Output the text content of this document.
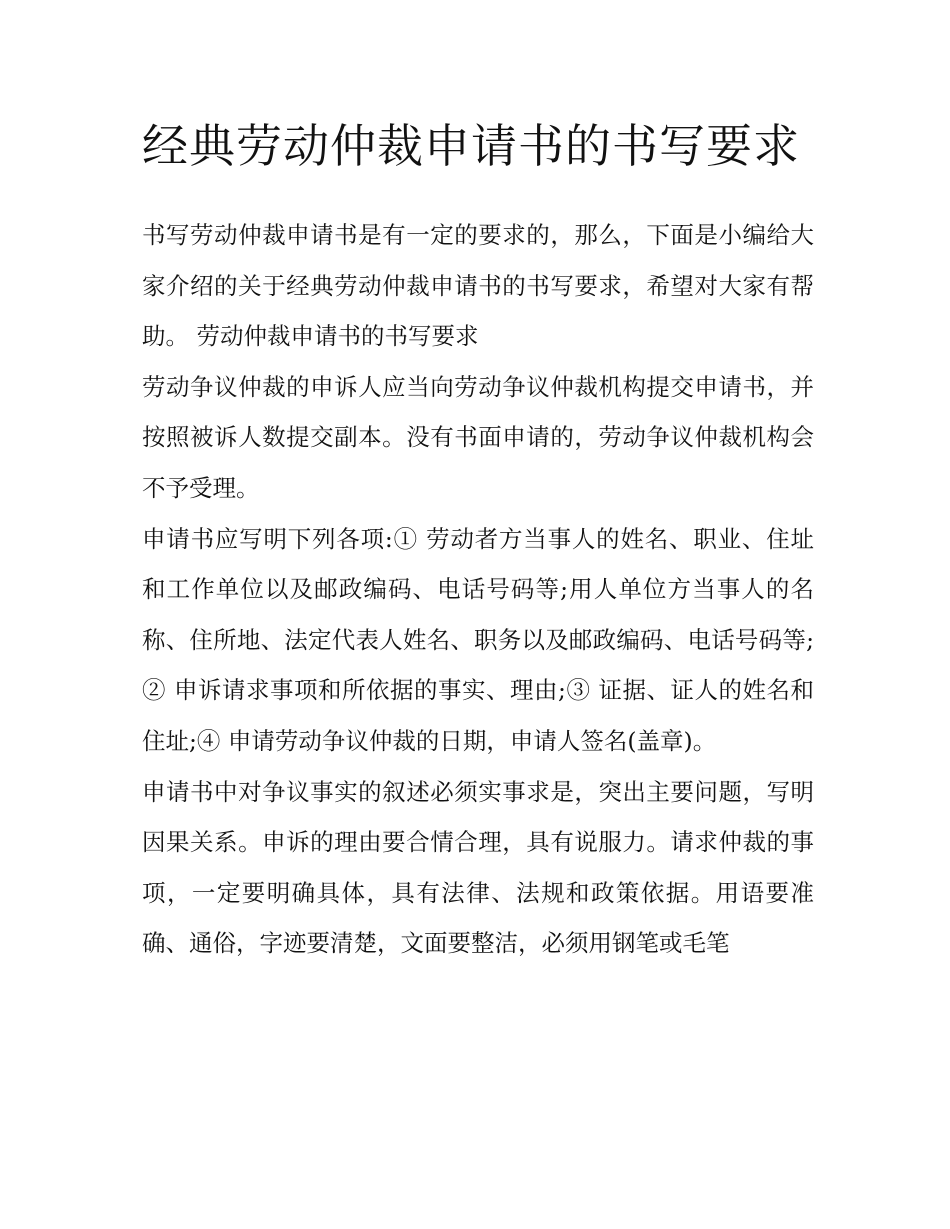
经典劳动仲裁申请书的书写要求

书写劳动仲裁申请书是有一定的要求的，那么，下面是小编给大家介绍的关于经典劳动仲裁申请书的书写要求，希望对大家有帮助。 劳动仲裁申请书的书写要求

劳动争议仲裁的申诉人应当向劳动争议仲裁机构提交申请书，并按照被诉人数提交副本。没有书面申请的，劳动争议仲裁机构会不予受理。

申请书应写明下列各项:① 劳动者方当事人的姓名、职业、住址和工作单位以及邮政编码、电话号码等;用人单位方当事人的名称、住所地、法定代表人姓名、职务以及邮政编码、电话号码等;② 申诉请求事项和所依据的事实、理由;③ 证据、证人的姓名和住址;④ 申请劳动争议仲裁的日期，申请人签名(盖章)。

申请书中对争议事实的叙述必须实事求是，突出主要问题，写明因果关系。申诉的理由要合情合理，具有说服力。请求仲裁的事项，一定要明确具体，具有法律、法规和政策依据。用语要准确、通俗，字迹要清楚，文面要整洁，必须用钢笔或毛笔
